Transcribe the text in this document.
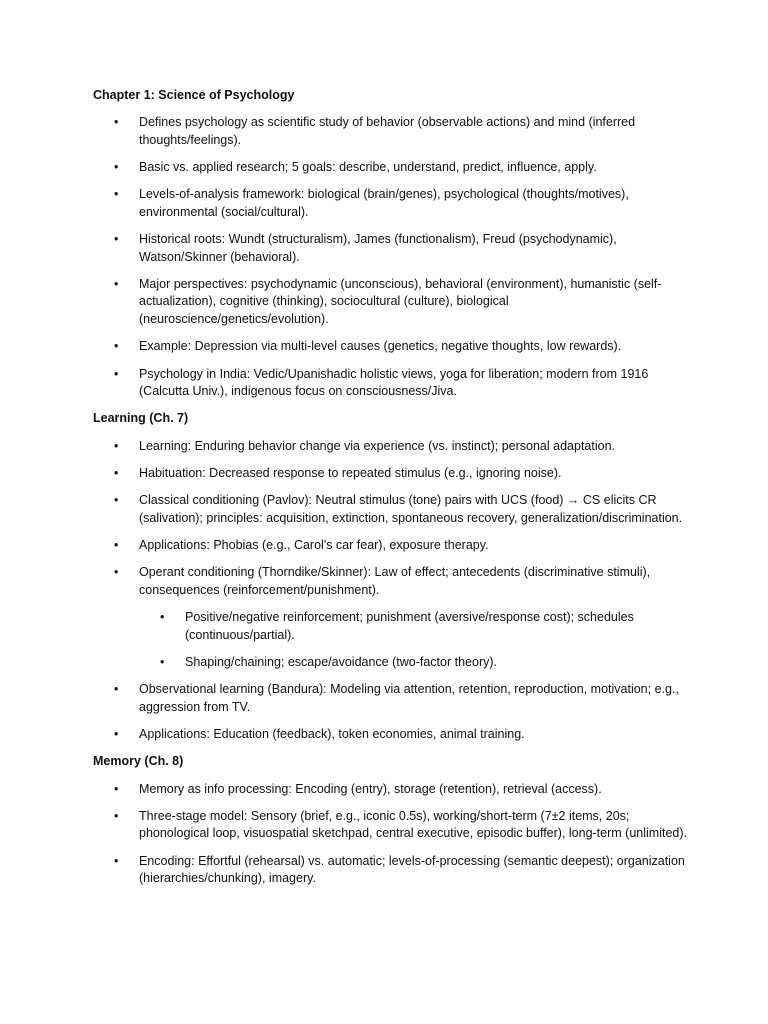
Chapter 1: Science of Psychology
• Defines psychology as scientific study of behavior (observable actions) and mind (inferred thoughts/feelings).
• Basic vs. applied research; 5 goals: describe, understand, predict, influence, apply.
• Levels-of-analysis framework: biological (brain/genes), psychological (thoughts/motives), environmental (social/cultural).
• Historical roots: Wundt (structuralism), James (functionalism), Freud (psychodynamic), Watson/Skinner (behavioral).
• Major perspectives: psychodynamic (unconscious), behavioral (environment), humanistic (self-actualization), cognitive (thinking), sociocultural (culture), biological (neuroscience/genetics/evolution).
• Example: Depression via multi-level causes (genetics, negative thoughts, low rewards).
• Psychology in India: Vedic/Upanishadic holistic views, yoga for liberation; modern from 1916 (Calcutta Univ.), indigenous focus on consciousness/Jiva.
Learning (Ch. 7)
• Learning: Enduring behavior change via experience (vs. instinct); personal adaptation.
• Habituation: Decreased response to repeated stimulus (e.g., ignoring noise).
• Classical conditioning (Pavlov): Neutral stimulus (tone) pairs with UCS (food) → CS elicits CR (salivation); principles: acquisition, extinction, spontaneous recovery, generalization/discrimination.
• Applications: Phobias (e.g., Carol's car fear), exposure therapy.
• Operant conditioning (Thorndike/Skinner): Law of effect; antecedents (discriminative stimuli), consequences (reinforcement/punishment).
• Positive/negative reinforcement; punishment (aversive/response cost); schedules (continuous/partial).
• Shaping/chaining; escape/avoidance (two-factor theory).
• Observational learning (Bandura): Modeling via attention, retention, reproduction, motivation; e.g., aggression from TV.
• Applications: Education (feedback), token economies, animal training.
Memory (Ch. 8)
• Memory as info processing: Encoding (entry), storage (retention), retrieval (access).
• Three-stage model: Sensory (brief, e.g., iconic 0.5s), working/short-term (7±2 items, 20s; phonological loop, visuospatial sketchpad, central executive, episodic buffer), long-term (unlimited).
• Encoding: Effortful (rehearsal) vs. automatic; levels-of-processing (semantic deepest); organization (hierarchies/chunking), imagery.
